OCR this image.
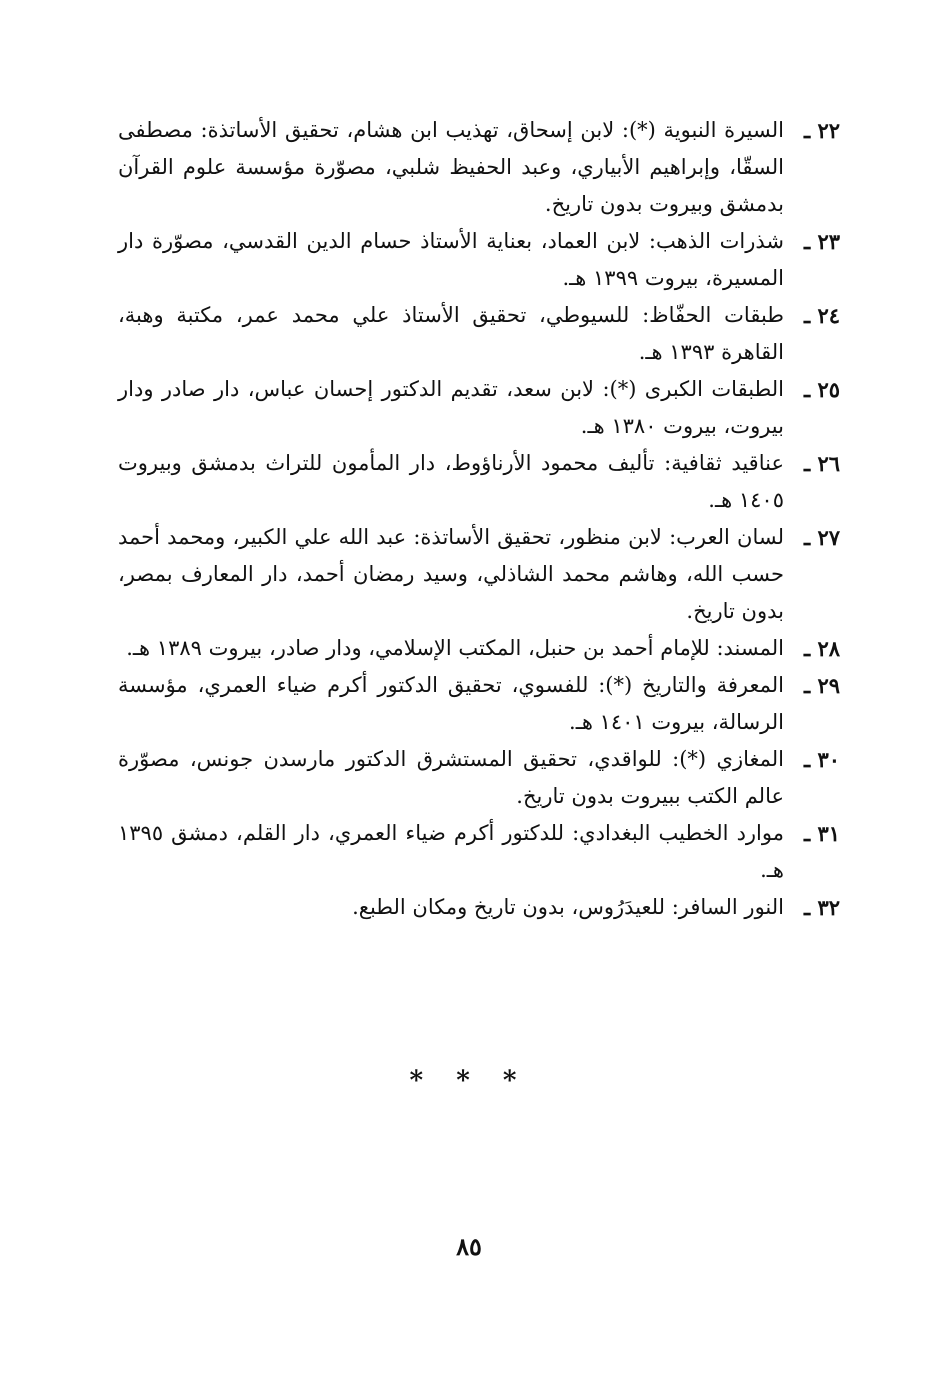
٢٢ ـ
السيرة النبوية (*): لابن إسحاق، تهذيب ابن هشام، تحقيق الأساتذة: مصطفى السقّا، وإبراهيم الأبياري، وعبد الحفيظ شلبي، مصوّرة مؤسسة علوم القرآن بدمشق وبيروت بدون تاريخ.
٢٣ ـ
شذرات الذهب: لابن العماد، بعناية الأستاذ حسام الدين القدسي، مصوّرة دار المسيرة، بيروت ١٣٩٩ هـ.
٢٤ ـ
طبقات الحفّاظ: للسيوطي، تحقيق الأستاذ علي محمد عمر، مكتبة وهبة، القاهرة ١٣٩٣ هـ.
٢٥ ـ
الطبقات الكبرى (*): لابن سعد، تقديم الدكتور إحسان عباس، دار صادر ودار بيروت، بيروت ١٣٨٠ هـ.
٢٦ ـ
عناقيد ثقافية: تأليف محمود الأرناؤوط، دار المأمون للتراث بدمشق وبيروت ١٤٠٥ هـ.
٢٧ ـ
لسان العرب: لابن منظور، تحقيق الأساتذة: عبد الله علي الكبير، ومحمد أحمد حسب الله، وهاشم محمد الشاذلي، وسيد رمضان أحمد، دار المعارف بمصر، بدون تاريخ.
٢٨ ـ
المسند: للإمام أحمد بن حنبل، المكتب الإسلامي، ودار صادر، بيروت ١٣٨٩ هـ.
٢٩ ـ
المعرفة والتاريخ (*): للفسوي، تحقيق الدكتور أكرم ضياء العمري، مؤسسة الرسالة، بيروت ١٤٠١ هـ.
٣٠ ـ
المغازي (*): للواقدي، تحقيق المستشرق الدكتور مارسدن جونس، مصوّرة عالم الكتب ببيروت بدون تاريخ.
٣١ ـ
موارد الخطيب البغدادي: للدكتور أكرم ضياء العمري، دار القلم، دمشق ١٣٩٥ هـ.
٣٢ ـ
النور السافر: للعيدَرُوس، بدون تاريخ ومكان الطبع.
* * *
٨٥
